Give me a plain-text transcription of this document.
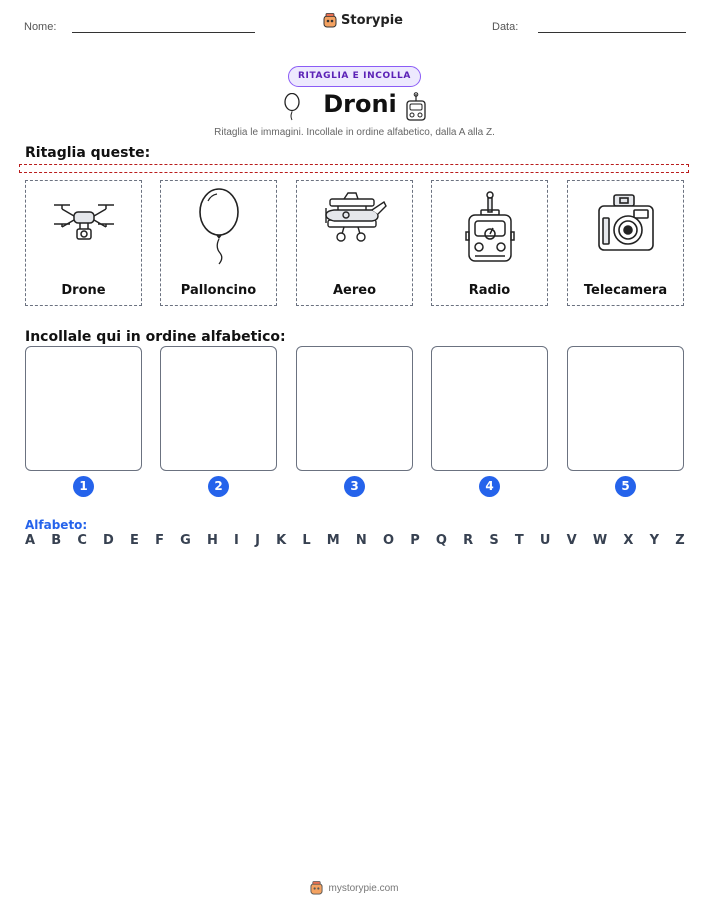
Nome:	Storypie	Data:
RITAGLIA E INCOLLA
Droni
Ritaglia le immagini. Incollale in ordine alfabetico, dalla A alla Z.
Ritaglia queste:
Drone	Palloncino	Aereo	Radio	Telecamera
Incollale qui in ordine alfabetico:
1	2	3	4	5
Alfabeto:
A B C D E F G H I J K L M N O P Q R S T U V W X Y Z
mystorypie.com
